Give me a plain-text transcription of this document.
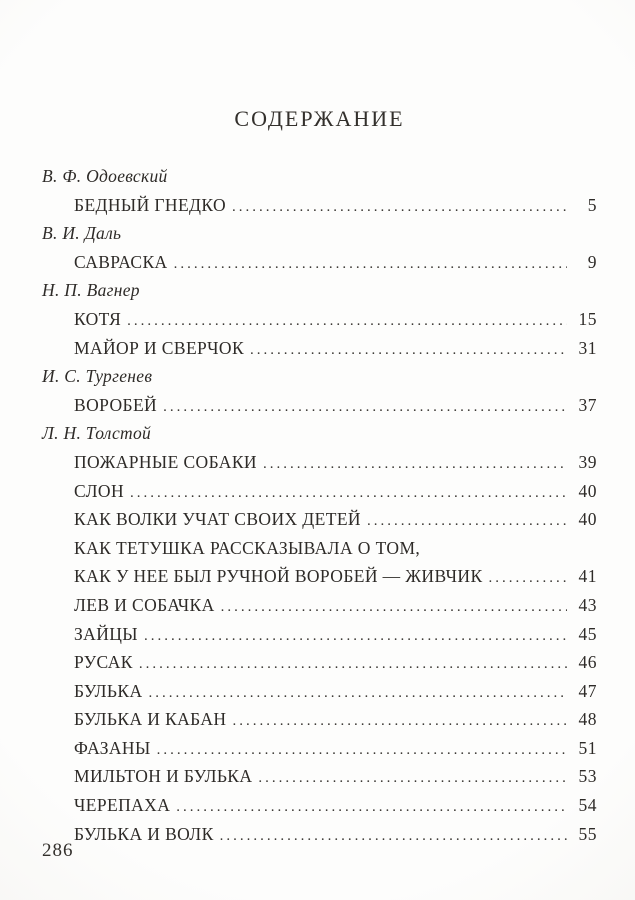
СОДЕРЖАНИЕ
В. Ф. Одоевский
БЕДНЫЙ ГНЕДКО .....	5
В. И. Даль
САВРАСКА .....	9
Н. П. Вагнер
КОТЯ .....	15
МАЙОР И СВЕРЧОК .....	31
И. С. Тургенев
ВОРОБЕЙ .....	37
Л. Н. Толстой
ПОЖАРНЫЕ СОБАКИ .....	39
СЛОН .....	40
КАК ВОЛКИ УЧАТ СВОИХ ДЕТЕЙ .....	40
КАК ТЕТУШКА РАССКАЗЫВАЛА О ТОМ,
КАК У НЕЕ БЫЛ РУЧНОЙ ВОРОБЕЙ — ЖИВЧИК .....	41
ЛЕВ И СОБАЧКА .....	43
ЗАЙЦЫ .....	45
РУСАК .....	46
БУЛЬКА .....	47
БУЛЬКА И КАБАН .....	48
ФАЗАНЫ .....	51
МИЛЬТОН И БУЛЬКА .....	53
ЧЕРЕПАХА .....	54
БУЛЬКА И ВОЛК .....	55
286
